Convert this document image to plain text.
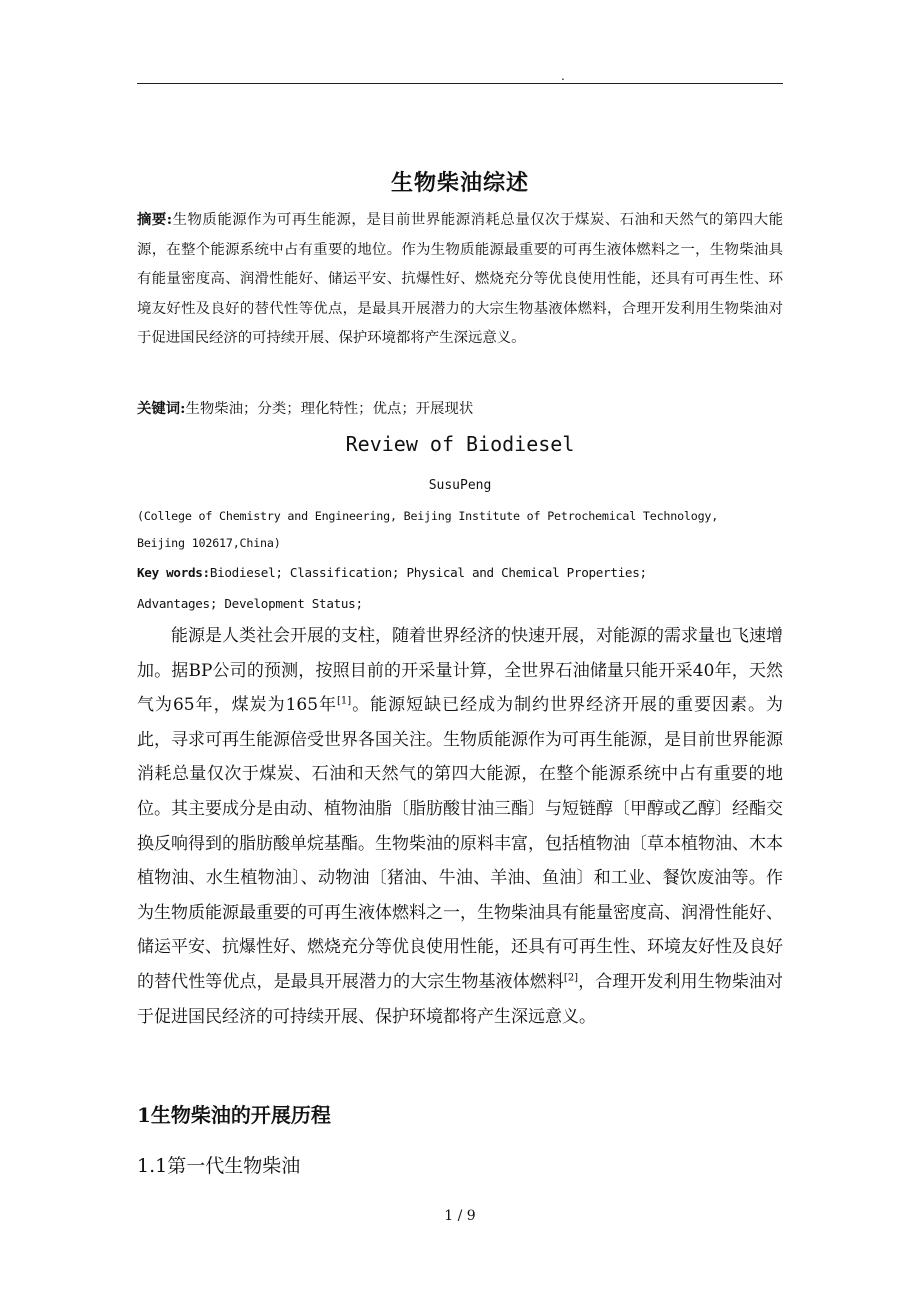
.
生物柴油综述
摘要:生物质能源作为可再生能源，是目前世界能源消耗总量仅次于煤炭、石油和天然气的第四大能源，在整个能源系统中占有重要的地位。作为生物质能源最重要的可再生液体燃料之一，生物柴油具有能量密度高、润滑性能好、储运平安、抗爆性好、燃烧充分等优良使用性能，还具有可再生性、环境友好性及良好的替代性等优点，是最具开展潜力的大宗生物基液体燃料，合理开发利用生物柴油对于促进国民经济的可持续开展、保护环境都将产生深远意义。
关键词:生物柴油；分类；理化特性；优点；开展现状
Review of Biodiesel
SusuPeng
(College of Chemistry and Engineering, Beijing Institute of Petrochemical Technology,
Beijing 102617,China)
Key words:Biodiesel; Classification; Physical and Chemical Properties;
Advantages; Development Status;
能源是人类社会开展的支柱，随着世界经济的快速开展，对能源的需求量也飞速增加。据BP公司的预测，按照目前的开采量计算，全世界石油储量只能开采40年，天然气为65年，煤炭为165年[1]。能源短缺已经成为制约世界经济开展的重要因素。为此，寻求可再生能源倍受世界各国关注。生物质能源作为可再生能源，是目前世界能源消耗总量仅次于煤炭、石油和天然气的第四大能源，在整个能源系统中占有重要的地位。其主要成分是由动、植物油脂〔脂肪酸甘油三酯〕与短链醇〔甲醇或乙醇〕经酯交换反响得到的脂肪酸单烷基酯。生物柴油的原料丰富，包括植物油〔草本植物油、木本植物油、水生植物油〕、动物油〔猪油、牛油、羊油、鱼油〕和工业、餐饮废油等。作为生物质能源最重要的可再生液体燃料之一，生物柴油具有能量密度高、润滑性能好、储运平安、抗爆性好、燃烧充分等优良使用性能，还具有可再生性、环境友好性及良好的替代性等优点，是最具开展潜力的大宗生物基液体燃料[2]，合理开发利用生物柴油对于促进国民经济的可持续开展、保护环境都将产生深远意义。
1生物柴油的开展历程
1.1第一代生物柴油
1 / 9
